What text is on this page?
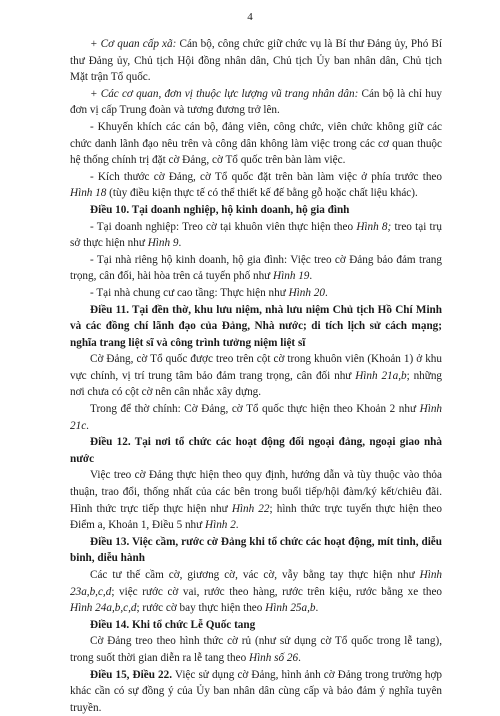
4

+ Cơ quan cấp xã: Cán bộ, công chức giữ chức vụ là Bí thư Đảng ủy, Phó Bí thư Đảng ủy, Chủ tịch Hội đồng nhân dân, Chủ tịch Ủy ban nhân dân, Chủ tịch Mặt trận Tổ quốc.

+ Các cơ quan, đơn vị thuộc lực lượng vũ trang nhân dân: Cán bộ là chỉ huy đơn vị cấp Trung đoàn và tương đương trở lên.

- Khuyến khích các cán bộ, đảng viên, công chức, viên chức không giữ các chức danh lãnh đạo nêu trên và công dân không làm việc trong các cơ quan thuộc hệ thống chính trị đặt cờ Đảng, cờ Tổ quốc trên bàn làm việc.

- Kích thước cờ Đảng, cờ Tổ quốc đặt trên bàn làm việc ở phía trước theo Hình 18 (tùy điều kiện thực tế có thể thiết kế đế bằng gỗ hoặc chất liệu khác).

Điều 10. Tại doanh nghiệp, hộ kinh doanh, hộ gia đình

- Tại doanh nghiệp: Treo cờ tại khuôn viên thực hiện theo Hình 8; treo tại trụ sở thực hiện như Hình 9.

- Tại nhà riêng hộ kinh doanh, hộ gia đình: Việc treo cờ Đảng bảo đảm trang trọng, cân đối, hài hòa trên cả tuyến phố như Hình 19.

- Tại nhà chung cư cao tầng: Thực hiện như Hình 20.

Điều 11. Tại đền thờ, khu lưu niệm, nhà lưu niệm Chủ tịch Hồ Chí Minh và các đồng chí lãnh đạo của Đảng, Nhà nước; di tích lịch sử cách mạng; nghĩa trang liệt sĩ và công trình tưởng niệm liệt sĩ

Cờ Đảng, cờ Tổ quốc được treo trên cột cờ trong khuôn viên (Khoản 1) ở khu vực chính, vị trí trung tâm bảo đảm trang trọng, cân đối như Hình 21a,b; những nơi chưa có cột cờ nên cân nhắc xây dựng.

Trong để thờ chính: Cờ Đảng, cờ Tổ quốc thực hiện theo Khoản 2 như Hình 21c.

Điều 12. Tại nơi tổ chức các hoạt động đối ngoại đảng, ngoại giao nhà nước

Việc treo cờ Đảng thực hiện theo quy định, hướng dẫn và tùy thuộc vào thỏa thuận, trao đổi, thống nhất của các bên trong buổi tiếp/hội đàm/ký kết/chiêu đãi. Hình thức trực tiếp thực hiện như Hình 22; hình thức trực tuyến thực hiện theo Điểm a, Khoản 1, Điều 5 như Hình 2.

Điều 13. Việc cầm, rước cờ Đảng khi tổ chức các hoạt động, mít tinh, diễu binh, diễu hành

Các tư thế cầm cờ, giương cờ, vác cờ, vẫy bằng tay thực hiện như Hình 23a,b,c,d; việc rước cờ vai, rước theo hàng, rước trên kiệu, rước bằng xe theo Hình 24a,b,c,d; rước cờ bay thực hiện theo Hình 25a,b.

Điều 14. Khi tổ chức Lễ Quốc tang

Cờ Đảng treo theo hình thức cờ rủ (như sử dụng cờ Tổ quốc trong lễ tang), trong suốt thời gian diễn ra lễ tang theo Hình số 26.

Điều 15, Điều 22. Việc sử dụng cờ Đảng, hình ảnh cờ Đảng trong trường hợp khác cần có sự đồng ý của Ủy ban nhân dân cùng cấp và bảo đảm ý nghĩa tuyên truyền.
